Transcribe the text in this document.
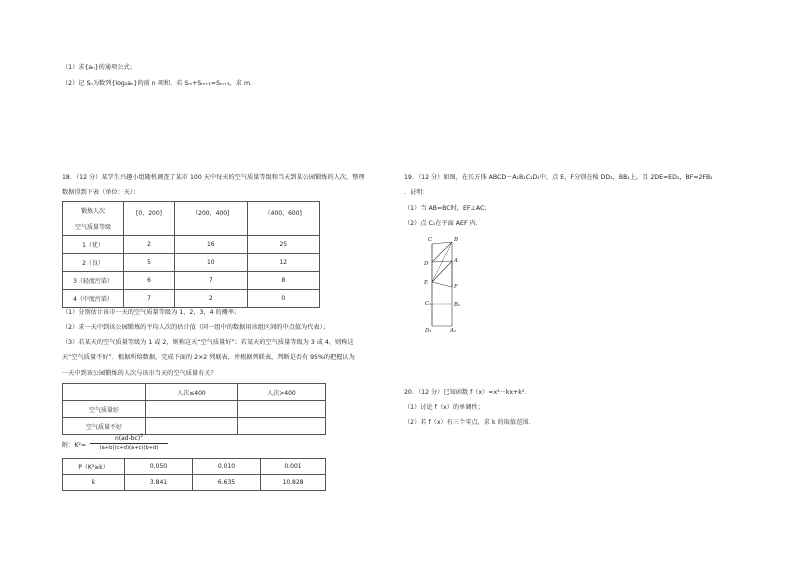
（1）求{aₙ}的通项公式；
（2）记 Sₙ为数列{log₂aₙ}的前 n 项和．若 Sₘ+Sₘ₊₁=Sₘ₊₃，求 m．
18．（12 分）某学生兴趣小组随机调查了某市 100 天中每天的空气质量等级和当天到某公园锻炼的人次，整理
数据得到下表（单位：天）：
锻炼人次
空气质量等级	[0，200]	（200，400]	（400，600]
1（优）	2	16	25
2（良）	5	10	12
3（轻度污染）	6	7	8
4（中度污染）	7	2	0
（1）分别估计该市一天的空气质量等级为 1，2，3，4 的概率；
（2）求一天中到该公园锻炼的平均人次的估计值（同一组中的数据用该组区间的中点值为代表）；
（3）若某天的空气质量等级为 1 或 2，则称这天“空气质量好”；若某天的空气质量等级为 3 或 4，则称这
天“空气质量不好”．根据所给数据，完成下面的 2×2 列联表，并根据列联表，判断是否有 95%的把握认为
一天中到该公园锻炼的人次与该市当天的空气质量有关？
	人次≤400	人次>400
空气质量好		
空气质量不好		
附：K²=
$n(ad-bc)^2$
(a+b)(c+d)(a+c)(b+d)
P（K²≥k）	0.050	0.010	0.001
k	3.841	6.635	10.828
19．（12 分）如图，在长方体 ABCD－A₁B₁C₁D₁中，点 E，F分别在棱 DD₁，BB₁上，且 2DE=ED₁，BF=2FB₁
．证明：
（1）当 AB=BC时，EF⊥AC；
（2）点 C₁在平面 AEF 内．
C	B
D	A
E
F
C₁	B₁
D₁	A₁
20．（12 分）已知函数 f（x）=x³－kx+k²．
（1）讨论 f（x）的单调性；
（2）若 f（x）有三个零点，求 k 的取值范围．
